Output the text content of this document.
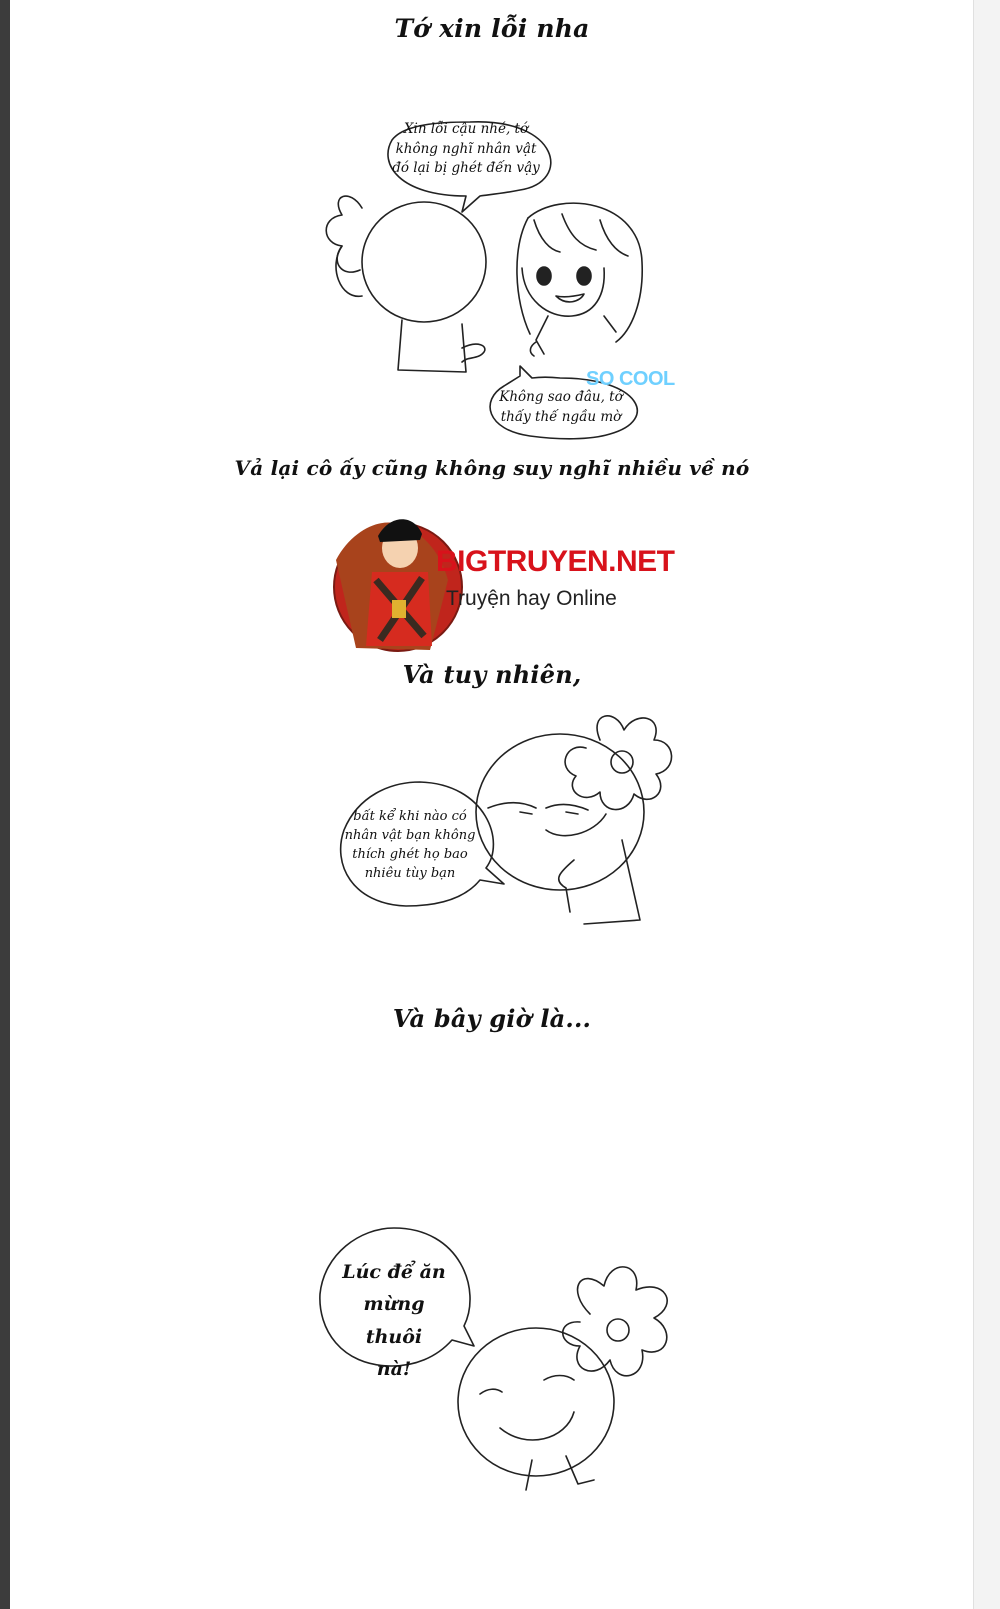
Tớ xin lỗi nha
Vả lại cô ấy cũng không suy nghĩ nhiều về nó
Và tuy nhiên,
Và bây giờ là...
Xin lỗi cậu nhé, tớ
không nghĩ nhân vật
đó lại bị ghét đến vậy
SO COOL
Không sao đâu, tớ
thấy thế ngầu mờ
BIGTRUYEN.NET
Truyện hay Online
bất kể khi nào có
nhân vật bạn không
thích ghét họ bao
nhiêu tùy bạn
Lúc để ăn
mừng thuôi
nà!
